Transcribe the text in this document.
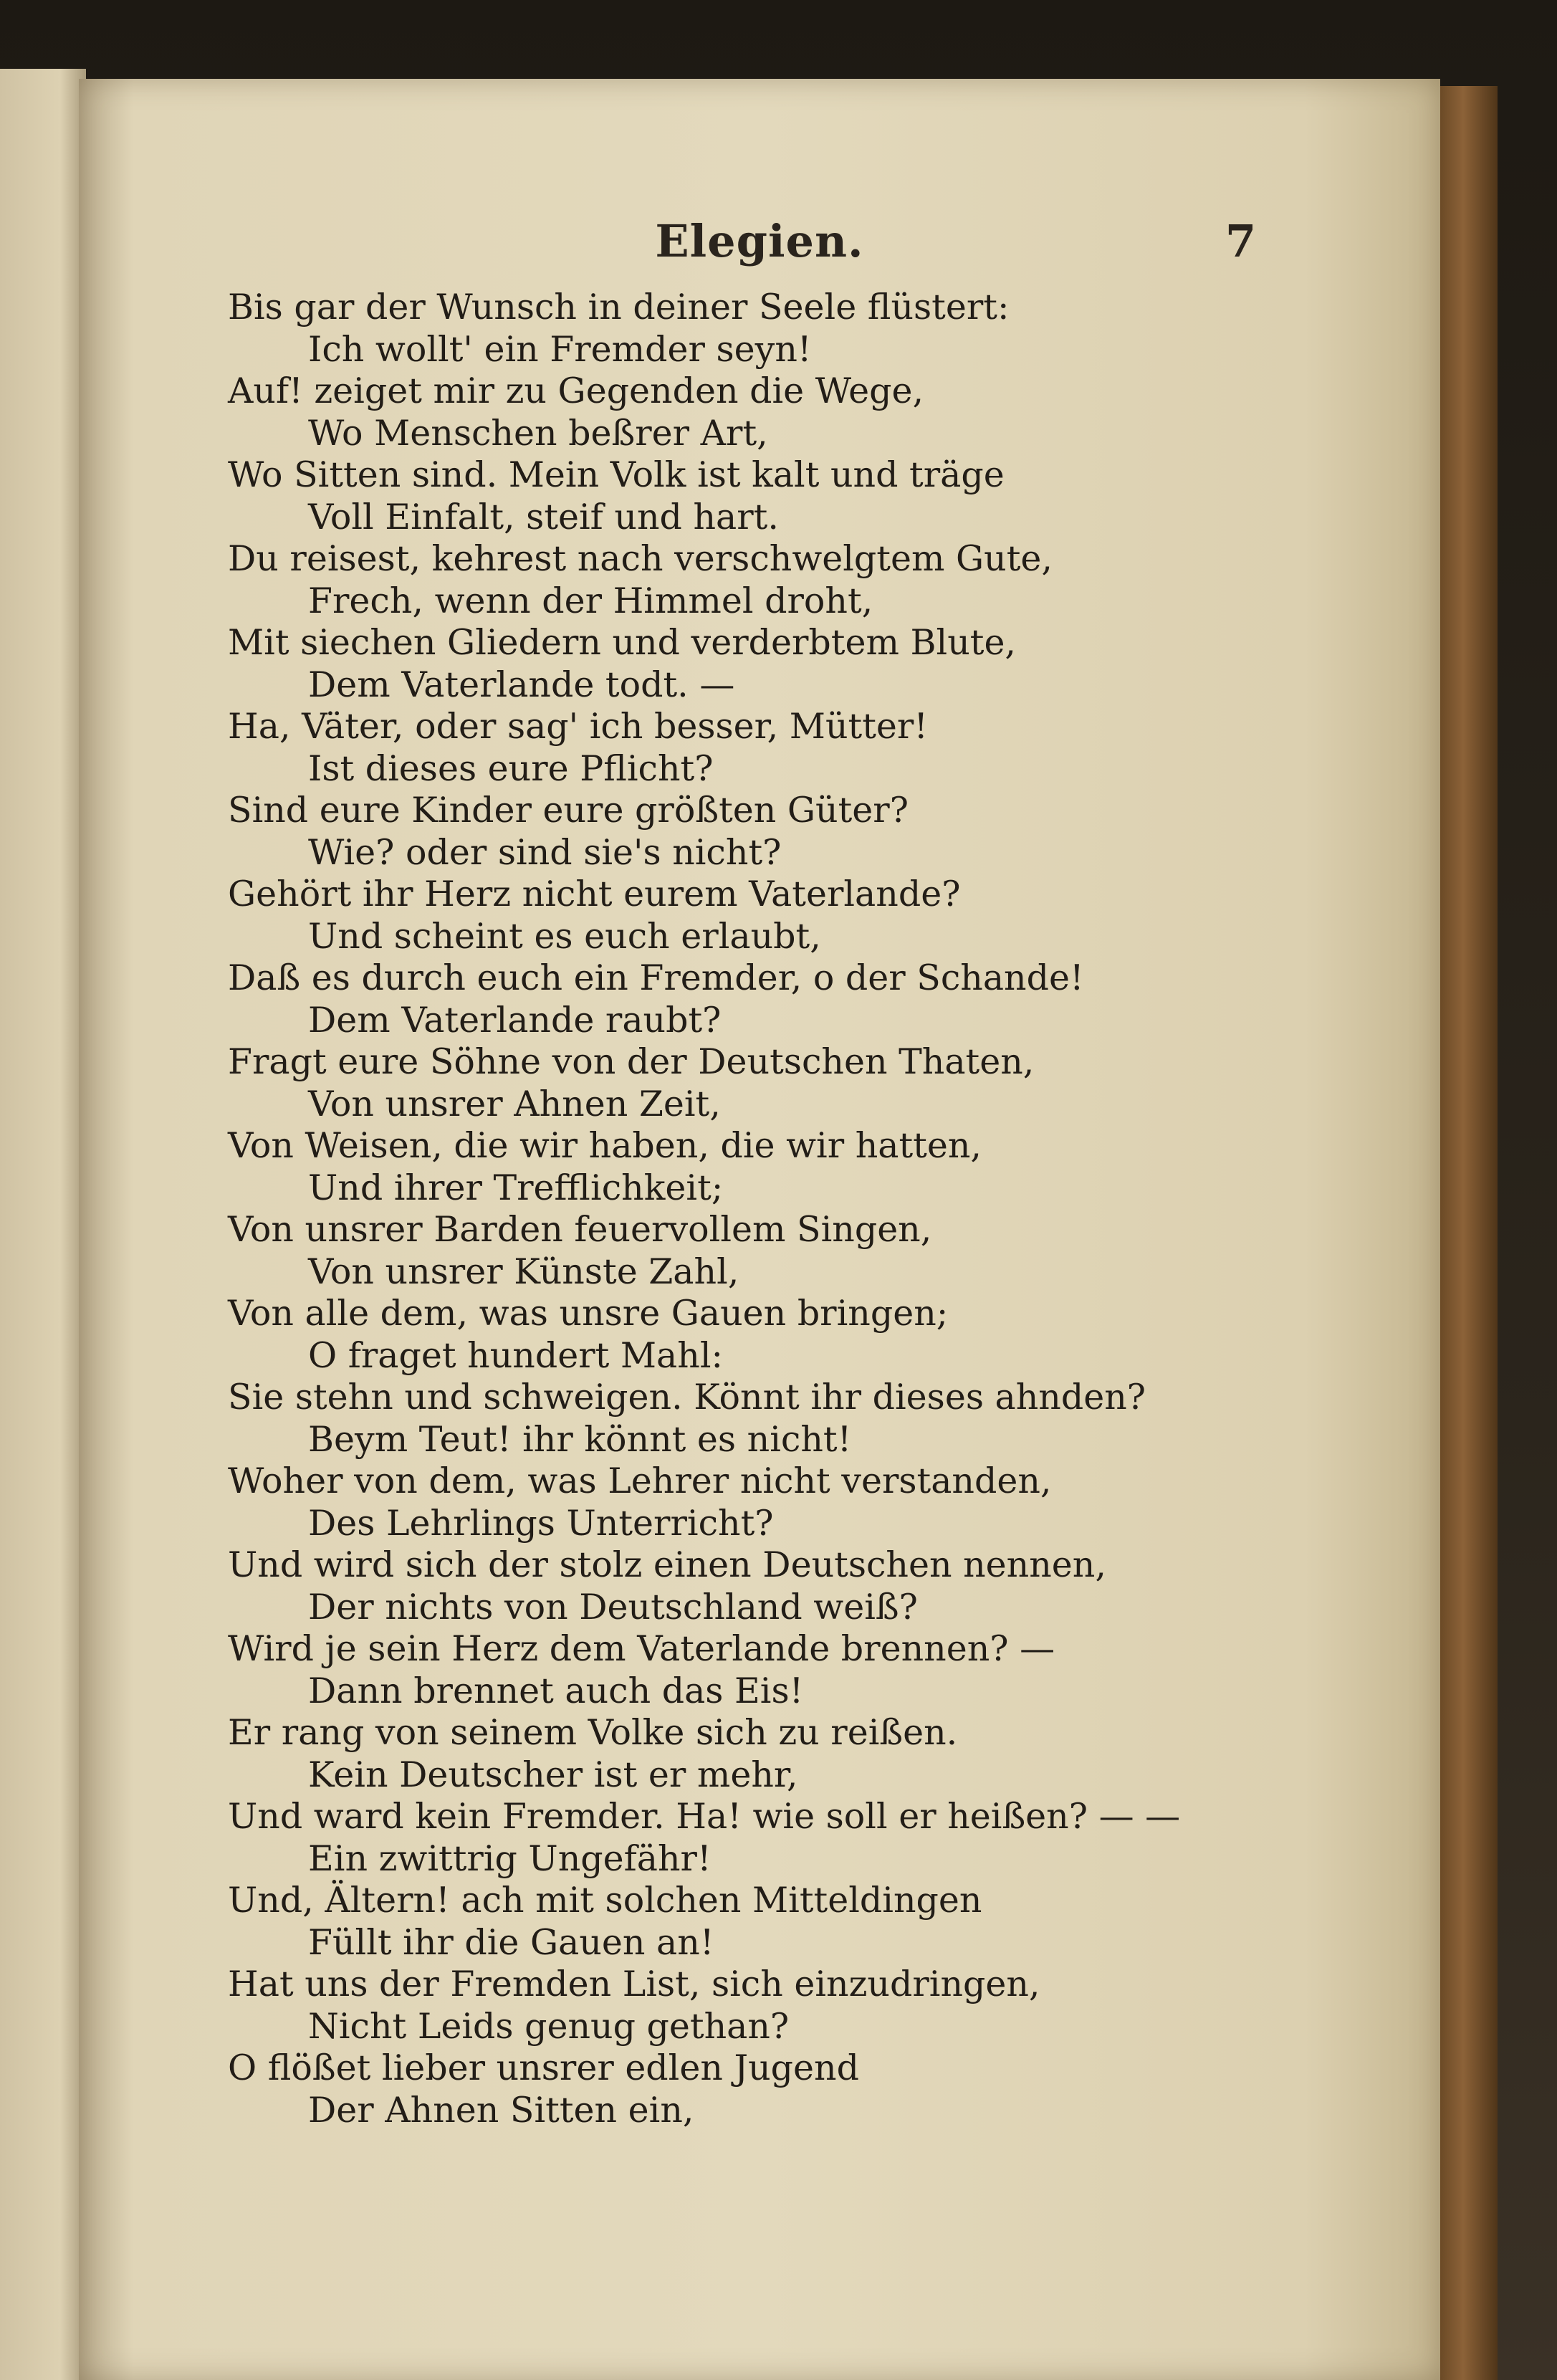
Elegien.	7
Bis gar der Wunsch in deiner Seele flüstert:
Ich wollt' ein Fremder seyn!
Auf! zeiget mir zu Gegenden die Wege,
Wo Menschen beßrer Art,
Wo Sitten sind. Mein Volk ist kalt und träge
Voll Einfalt, steif und hart.
Du reisest, kehrest nach verschwelgtem Gute,
Frech, wenn der Himmel droht,
Mit siechen Gliedern und verderbtem Blute,
Dem Vaterlande todt. —
Ha, Väter, oder sag' ich besser, Mütter!
Ist dieses eure Pflicht?
Sind eure Kinder eure größten Güter?
Wie? oder sind sie's nicht?
Gehört ihr Herz nicht eurem Vaterlande?
Und scheint es euch erlaubt,
Daß es durch euch ein Fremder, o der Schande!
Dem Vaterlande raubt?
Fragt eure Söhne von der Deutschen Thaten,
Von unsrer Ahnen Zeit,
Von Weisen, die wir haben, die wir hatten,
Und ihrer Trefflichkeit;
Von unsrer Barden feuervollem Singen,
Von unsrer Künste Zahl,
Von alle dem, was unsre Gauen bringen;
O fraget hundert Mahl:
Sie stehn und schweigen. Könnt ihr dieses ahnden?
Beym Teut! ihr könnt es nicht!
Woher von dem, was Lehrer nicht verstanden,
Des Lehrlings Unterricht?
Und wird sich der stolz einen Deutschen nennen,
Der nichts von Deutschland weiß?
Wird je sein Herz dem Vaterlande brennen? —
Dann brennet auch das Eis!
Er rang von seinem Volke sich zu reißen.
Kein Deutscher ist er mehr,
Und ward kein Fremder. Ha! wie soll er heißen? — —
Ein zwittrig Ungefähr!
Und, Ältern! ach mit solchen Mitteldingen
Füllt ihr die Gauen an!
Hat uns der Fremden List, sich einzudringen,
Nicht Leids genug gethan?
O flößet lieber unsrer edlen Jugend
Der Ahnen Sitten ein,
